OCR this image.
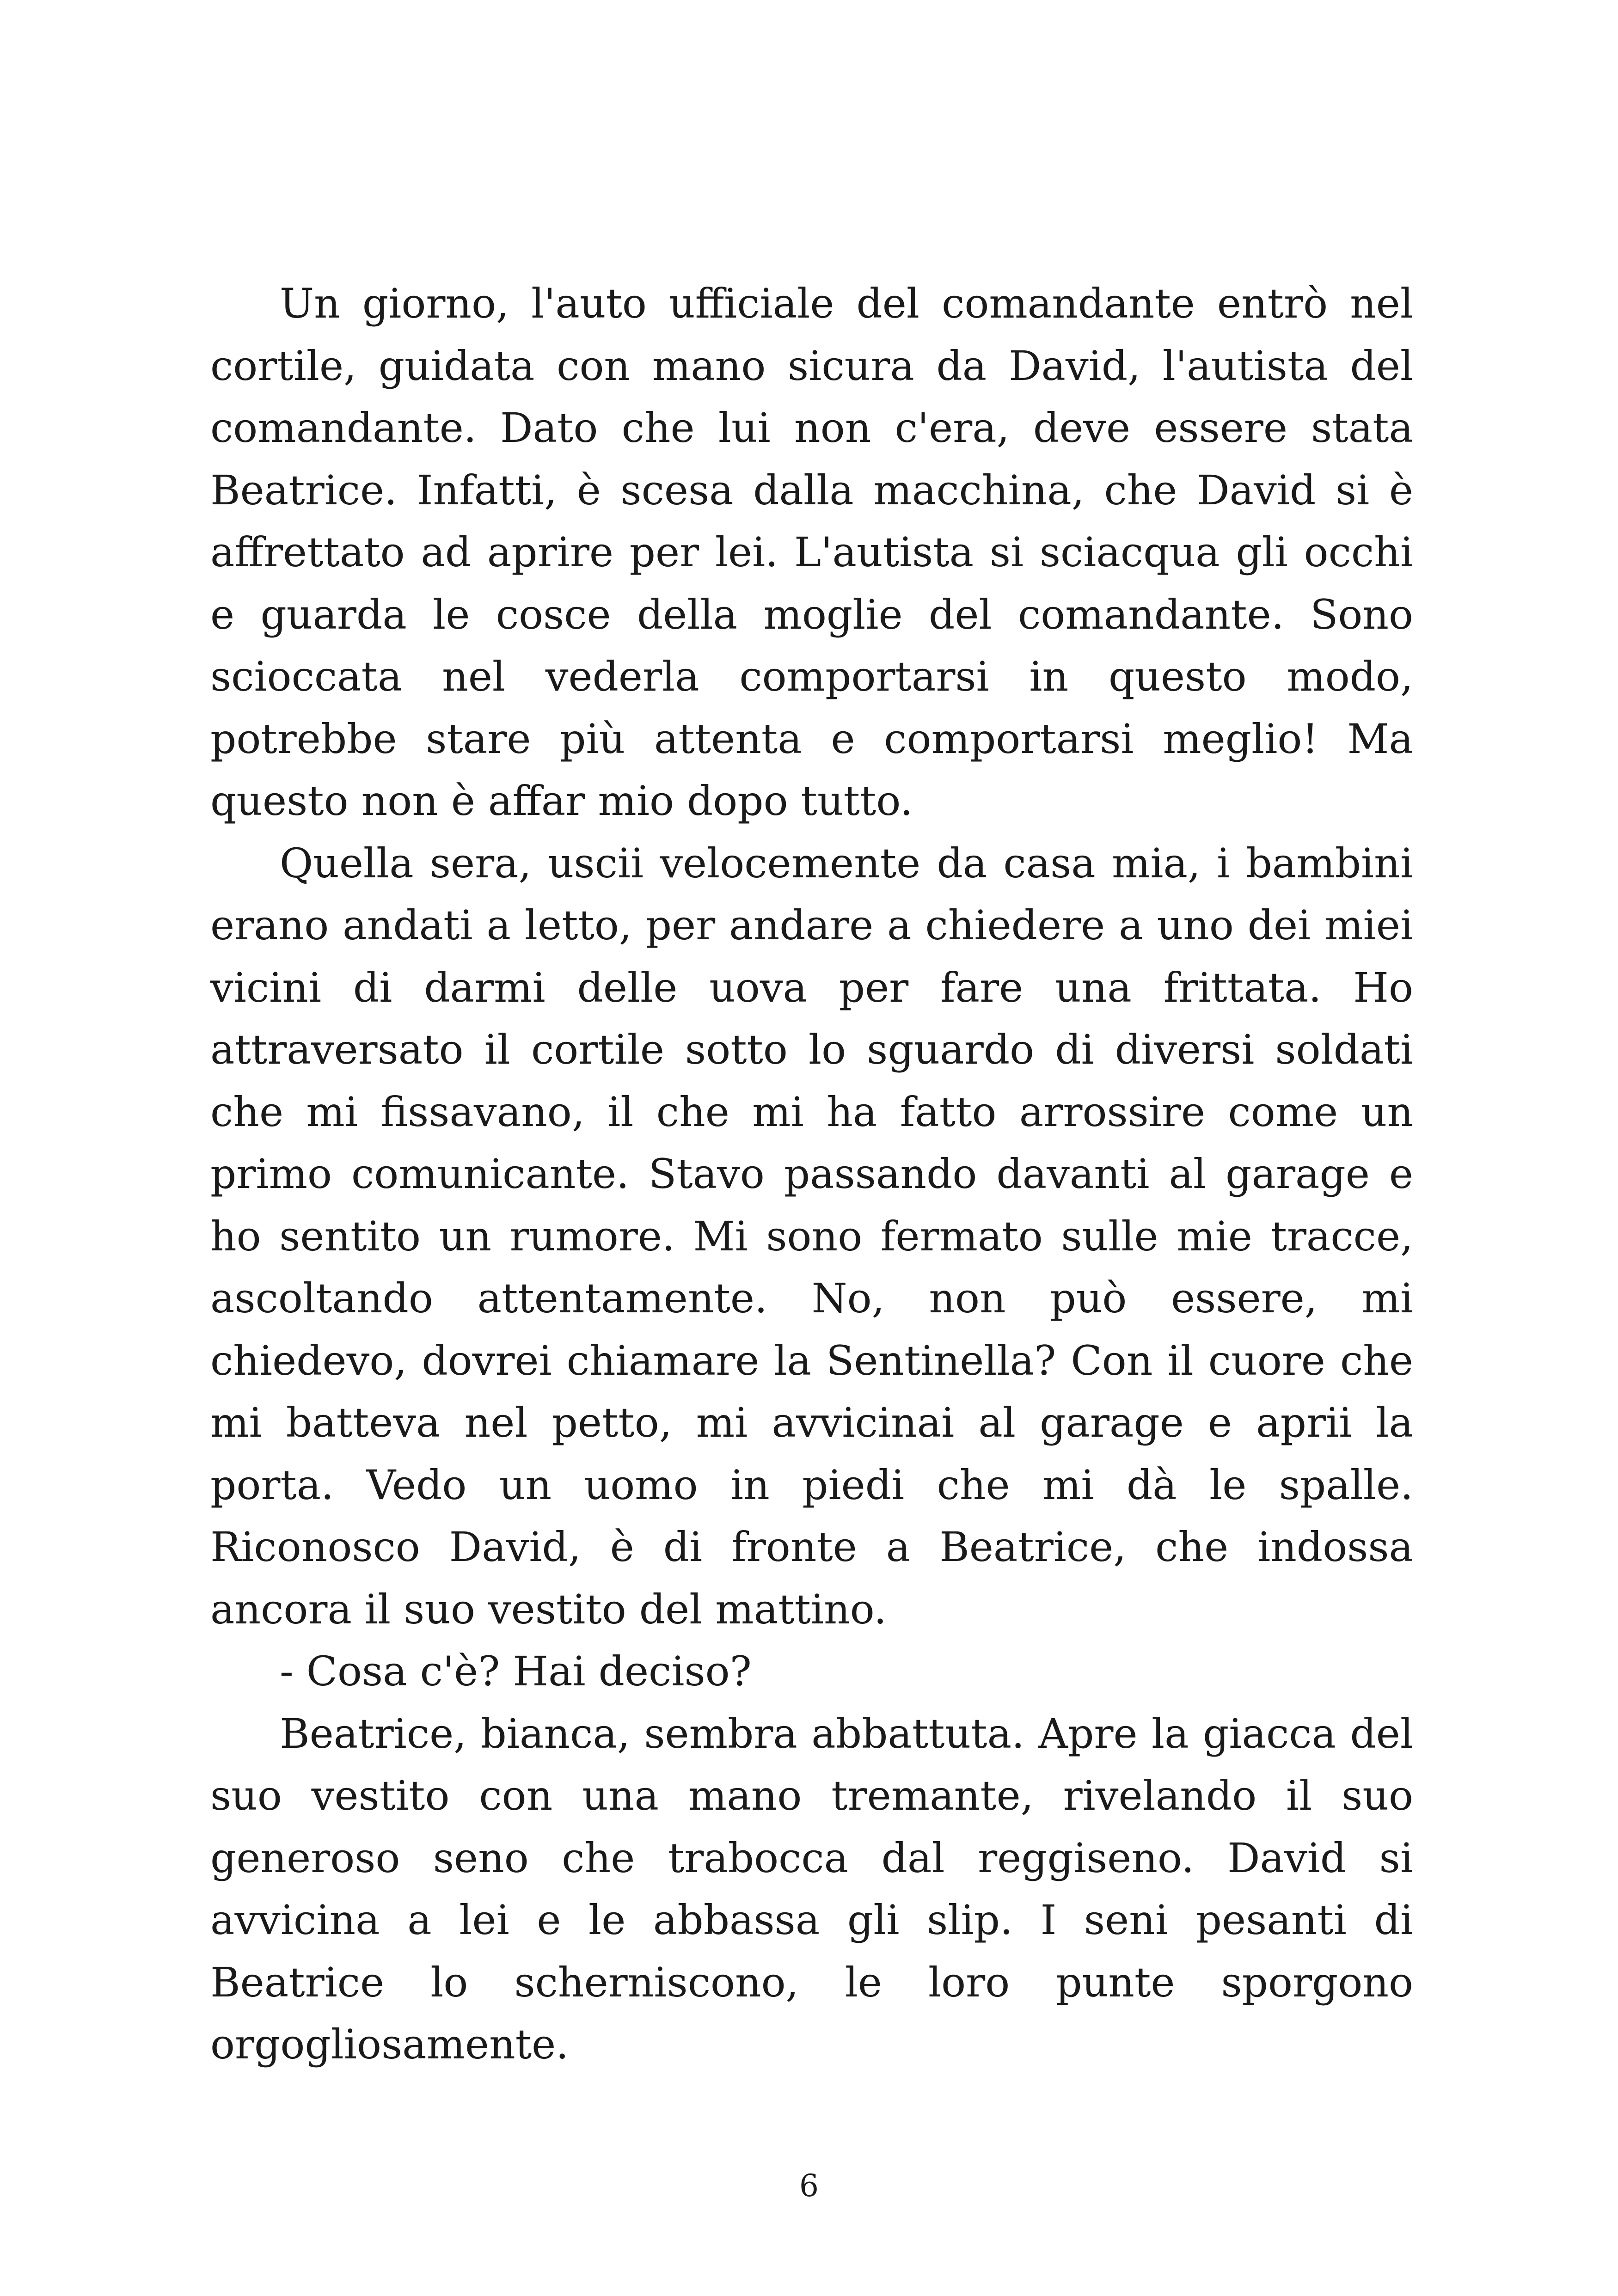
Un giorno, l'auto ufficiale del comandante entrò nel cortile, guidata con mano sicura da David, l'autista del comandante. Dato che lui non c'era, deve essere stata Beatrice. Infatti, è scesa dalla macchina, che David si è affrettato ad aprire per lei. L'autista si sciacqua gli occhi e guarda le cosce della moglie del comandante. Sono scioccata nel vederla comportarsi in questo modo, potrebbe stare più attenta e comportarsi meglio! Ma questo non è affar mio dopo tutto.

Quella sera, uscii velocemente da casa mia, i bambini erano andati a letto, per andare a chiedere a uno dei miei vicini di darmi delle uova per fare una frittata. Ho attraversato il cortile sotto lo sguardo di diversi soldati che mi fissavano, il che mi ha fatto arrossire come un primo comunicante. Stavo passando davanti al garage e ho sentito un rumore. Mi sono fermato sulle mie tracce, ascoltando attentamente. No, non può essere, mi chiedevo, dovrei chiamare la Sentinella? Con il cuore che mi batteva nel petto, mi avvicinai al garage e aprii la porta. Vedo un uomo in piedi che mi dà le spalle. Riconosco David, è di fronte a Beatrice, che indossa ancora il suo vestito del mattino.

- Cosa c'è? Hai deciso?

Beatrice, bianca, sembra abbattuta. Apre la giacca del suo vestito con una mano tremante, rivelando il suo generoso seno che trabocca dal reggiseno. David si avvicina a lei e le abbassa gli slip. I seni pesanti di Beatrice lo scherniscono, le loro punte sporgono orgogliosamente.

6
